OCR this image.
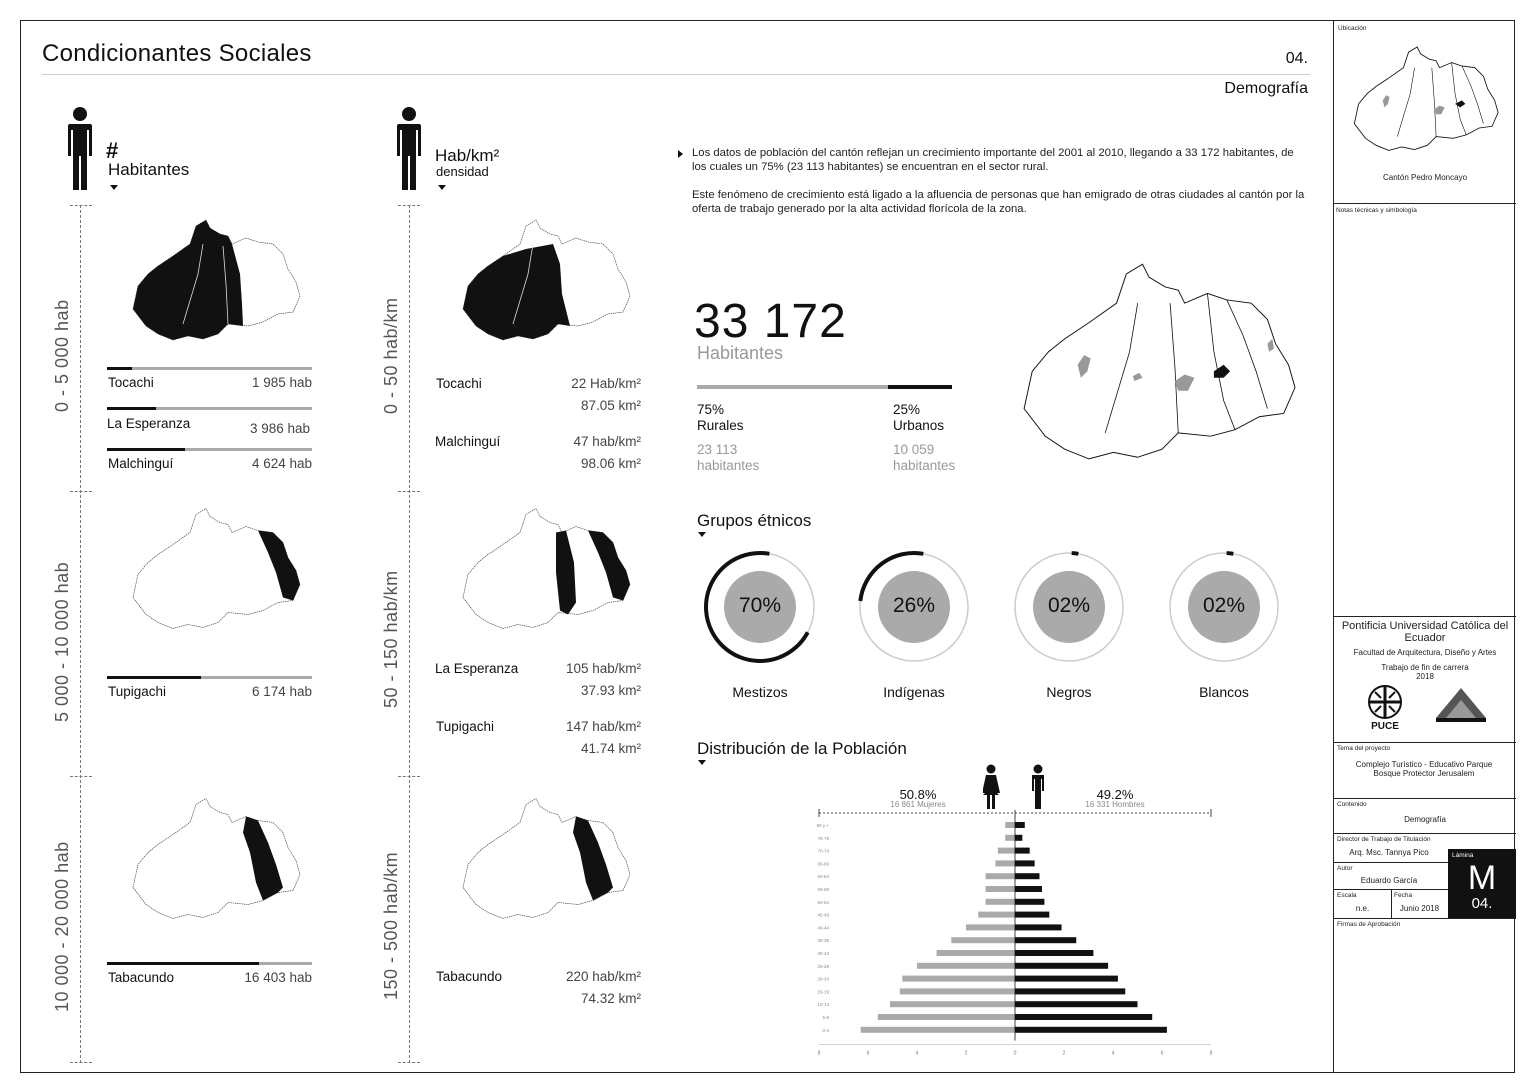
Condicionantes Sociales	04.
Demografía
#
Habitantes
Hab/km²
densidad
0 - 5 000 hab
5 000 - 10 000 hab
10 000 - 20 000 hab
0 - 50 hab/km
50 - 150 hab/km
150 - 500 hab/km
Tocachi	1 985 hab
La Esperanza	3 986 hab
Malchinguí	4 624 hab
Tupigachi	6 174 hab
Tabacundo	16 403 hab
Tocachi	22 Hab/km²
87.05 km²
Malchinguí	47 hab/km²
98.06 km²
La Esperanza	105 hab/km²
37.93 km²
Tupigachi	147 hab/km²
41.74 km²
Tabacundo	220 hab/km²
74.32 km²
Los datos de población del cantón reflejan un crecimiento importante del 2001 al 2010, llegando a 33 172 habitantes, de los cuales un 75% (23 113 habitantes) se encuentran en el sector rural.
Este fenómeno de crecimiento está ligado a la afluencia de personas que han emigrado de otras ciudades al cantón por la oferta de trabajo generado por la alta actividad florícola de la zona.
33 172
Habitantes
75%
Rurales
23 113
habitantes
25%
Urbanos
10 059
habitantes
Grupos étnicos
70%
Mestizos
26%
Indígenas
02%
Negros
02%
Blancos
Distribución de la Población
50.8%
16 861 Mujeres
49.2%
16 331 Hombres
80 y +
75-79
70-74
65-69
60-64
55-59
50-54
45-49
40-44
35-39
30-34
25-29
20-24
15-19
10-14
5-9
0-4
8	6	4	2	0	2	4	6	8
Ubicación
Cantón Pedro Moncayo
Notas técnicas y simbología
Pontificia Universidad Católica del Ecuador
Facultad de Arquitectura, Diseño y Artes
Trabajo de fin de carrera
2018
PUCE
Tema del proyecto
Complejo Turístico - Educativo Parque Bosque Protector Jerusalem
Contenido
Demografía
Director de Trabajo de Titulación
Arq. Msc. Tannya Pico	Lámina
M
04.
Autor
Eduardo García
Escala
n.e.
Fecha
Junio 2018
Firmas de Aprobación
